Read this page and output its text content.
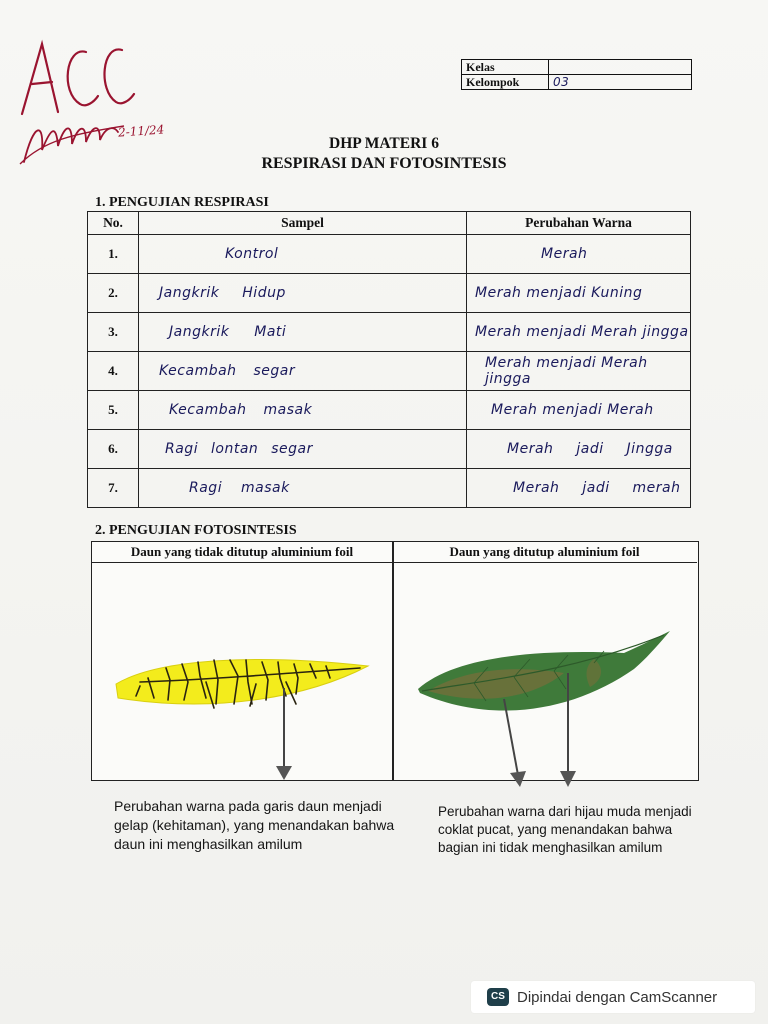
2-11/24
Kelas	
Kelompok	03
DHP MATERI 6
RESPIRASI DAN FOTOSINTESIS
1. PENGUJIAN RESPIRASI
No.	Sampel	Perubahan Warna
1.	Kontrol	Merah
2.	Jangkrik Hidup	Merah menjadi Kuning
3.	Jangkrik Mati	Merah menjadi Merah jingga
4.	Kecambah segar	Merah menjadi Merah jingga
5.	Kecambah masak	Merah menjadi Merah
6.	Ragi lontan segar	Merah jadi Jingga
7.	Ragi masak	Merah jadi merah
2. PENGUJIAN FOTOSINTESIS
Daun yang tidak ditutup aluminium foil	Daun yang ditutup aluminium foil
Perubahan warna pada garis daun menjadi gelap (kehitaman), yang menandakan bahwa daun ini menghasilkan amilum
Perubahan warna dari hijau muda menjadi coklat pucat, yang menandakan bahwa bagian ini tidak menghasilkan amilum
CS Dipindai dengan CamScanner
